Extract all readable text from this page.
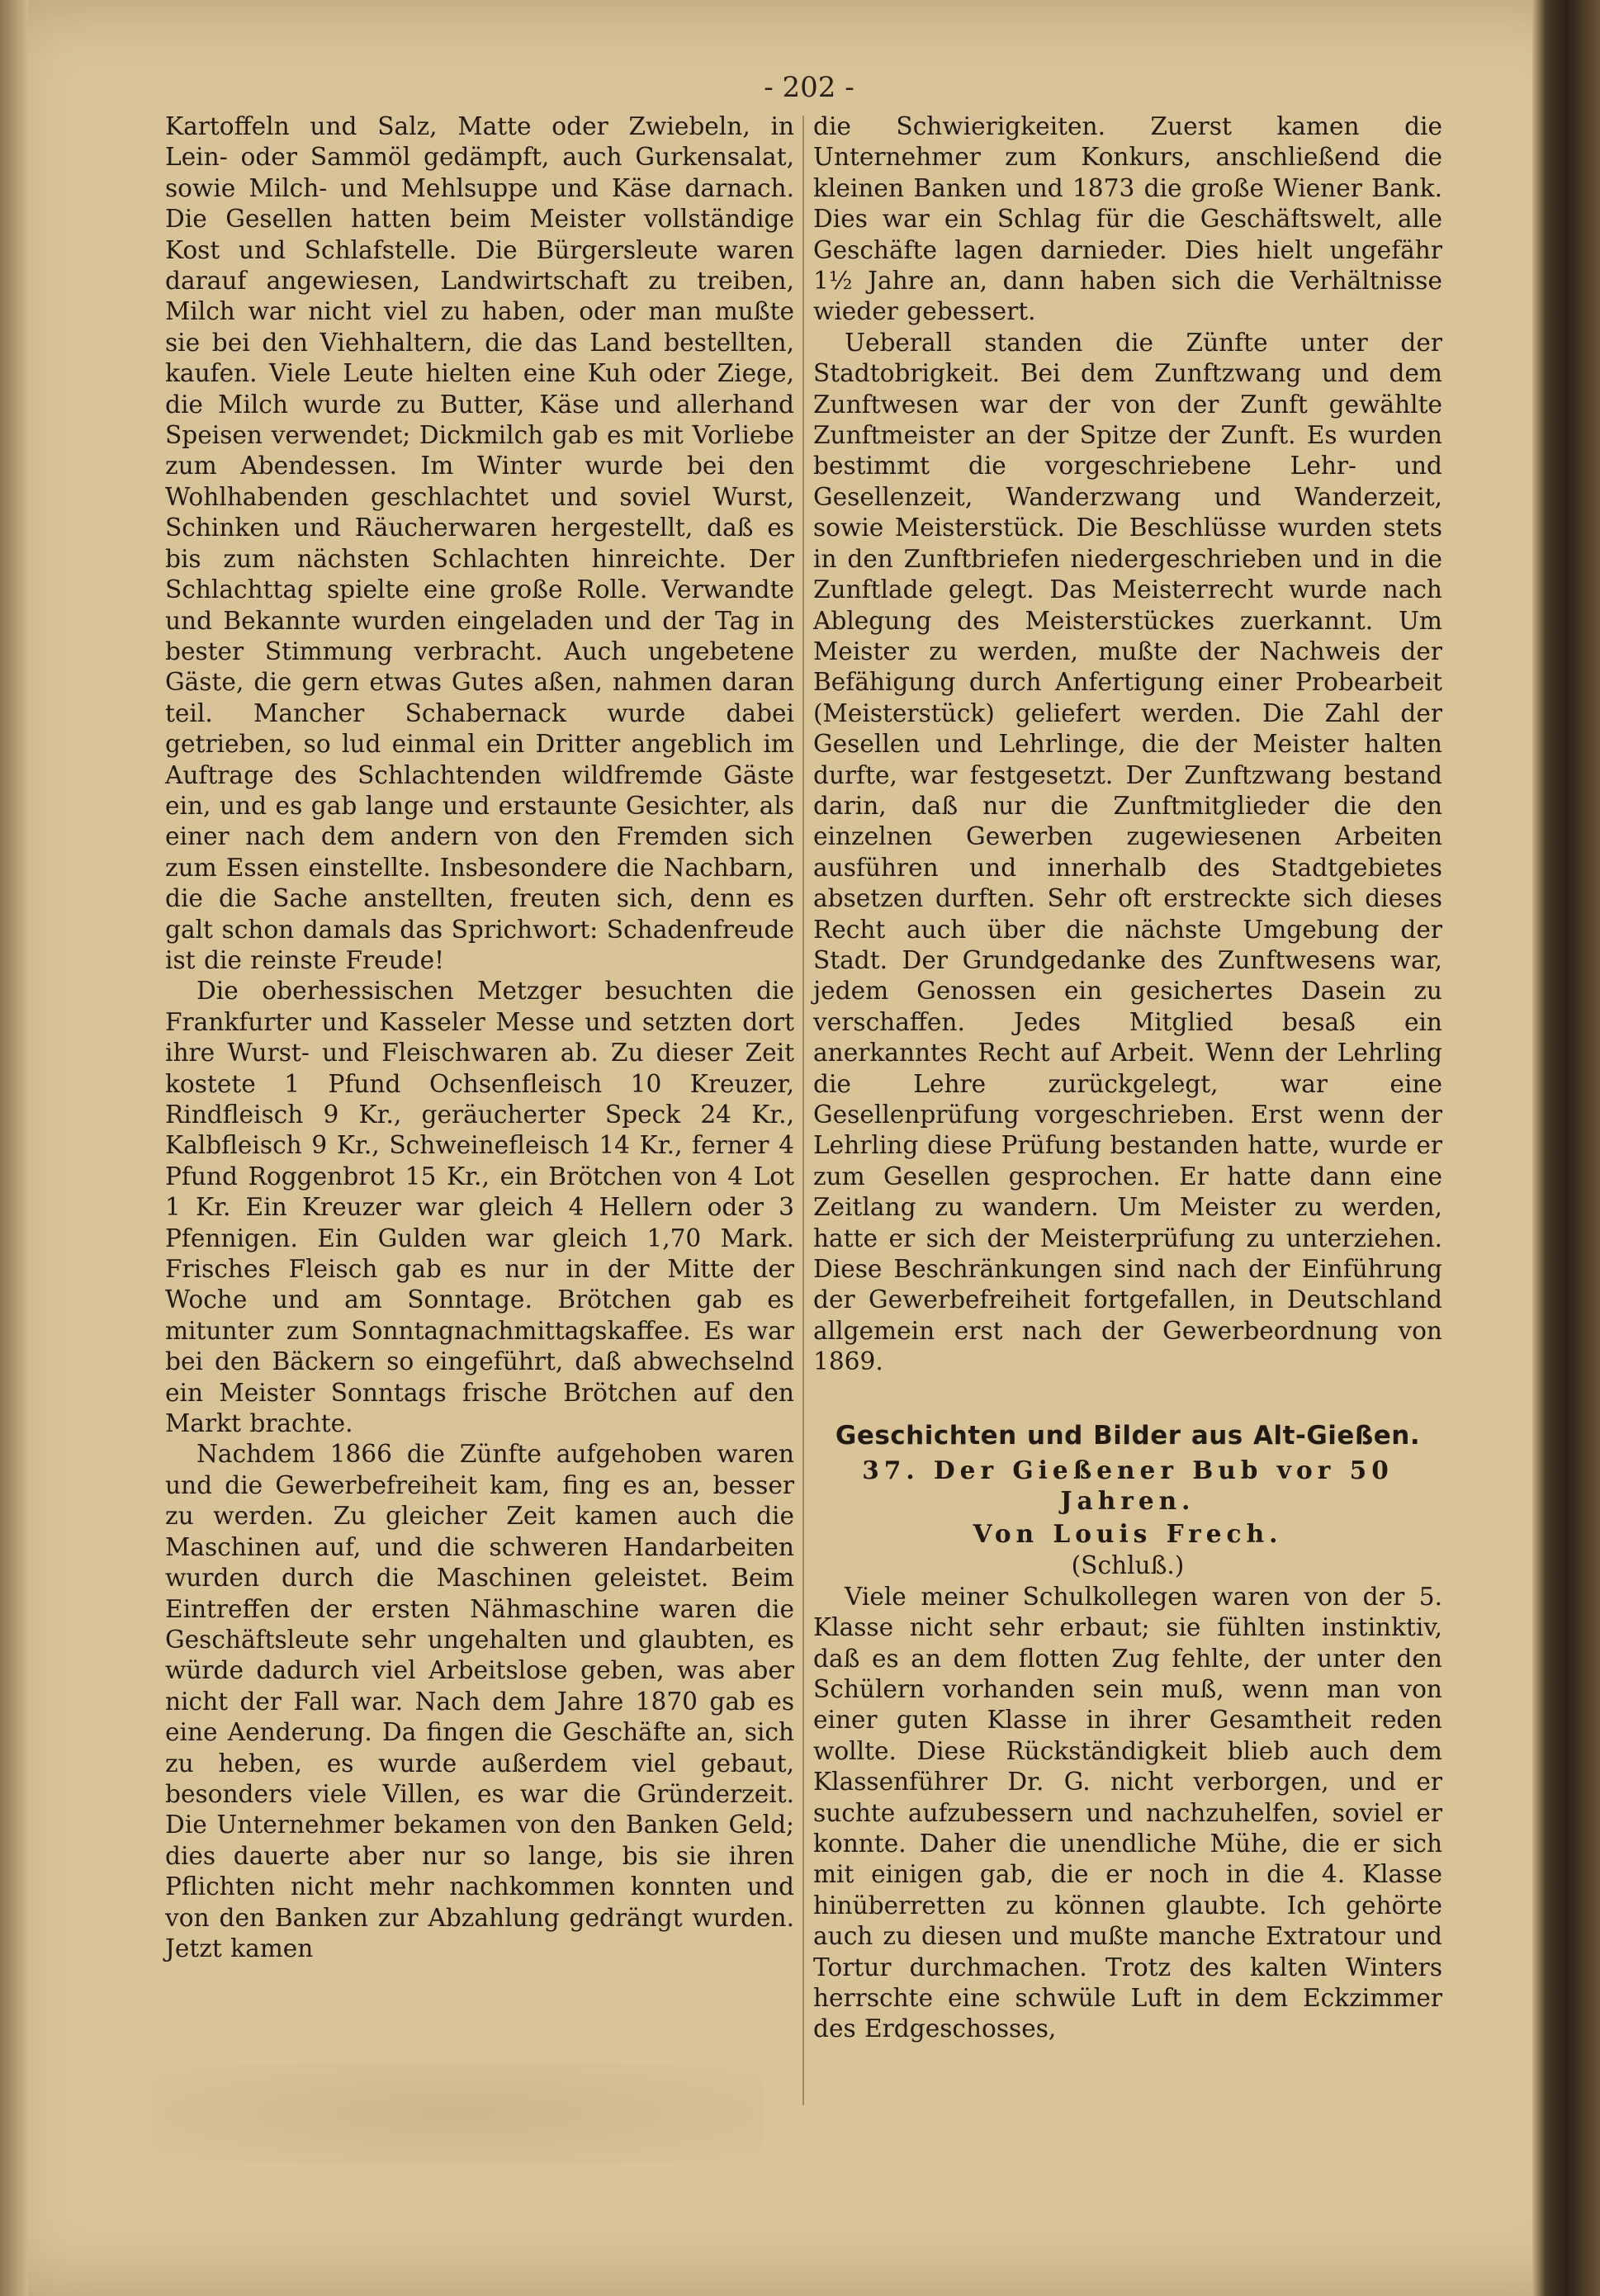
- 202 -

Kartoffeln und Salz, Matte oder Zwiebeln, in Lein- oder Sammöl gedämpft, auch Gurkensalat, sowie Milch- und Mehlsuppe und Käse darnach. Die Gesellen hatten beim Meister vollständige Kost und Schlafstelle. Die Bürgersleute waren darauf angewiesen, Landwirtschaft zu treiben, Milch war nicht viel zu haben, oder man mußte sie bei den Viehhaltern, die das Land bestellten, kaufen. Viele Leute hielten eine Kuh oder Ziege, die Milch wurde zu Butter, Käse und allerhand Speisen verwendet; Dickmilch gab es mit Vorliebe zum Abendessen. Im Winter wurde bei den Wohlhabenden geschlachtet und soviel Wurst, Schinken und Räucherwaren hergestellt, daß es bis zum nächsten Schlachten hinreichte. Der Schlachttag spielte eine große Rolle. Verwandte und Bekannte wurden eingeladen und der Tag in bester Stimmung verbracht. Auch ungebetene Gäste, die gern etwas Gutes aßen, nahmen daran teil. Mancher Schabernack wurde dabei getrieben, so lud einmal ein Dritter angeblich im Auftrage des Schlachtenden wildfremde Gäste ein, und es gab lange und erstaunte Gesichter, als einer nach dem andern von den Fremden sich zum Essen einstellte. Insbesondere die Nachbarn, die die Sache anstellten, freuten sich, denn es galt schon damals das Sprichwort: Schadenfreude ist die reinste Freude!

Die oberhessischen Metzger besuchten die Frankfurter und Kasseler Messe und setzten dort ihre Wurst- und Fleischwaren ab. Zu dieser Zeit kostete 1 Pfund Ochsenfleisch 10 Kreuzer, Rindfleisch 9 Kr., geräucherter Speck 24 Kr., Kalbfleisch 9 Kr., Schweinefleisch 14 Kr., ferner 4 Pfund Roggenbrot 15 Kr., ein Brötchen von 4 Lot 1 Kr. Ein Kreuzer war gleich 4 Hellern oder 3 Pfennigen. Ein Gulden war gleich 1,70 Mark. Frisches Fleisch gab es nur in der Mitte der Woche und am Sonntage. Brötchen gab es mitunter zum Sonntagnachmittagskaffee. Es war bei den Bäckern so eingeführt, daß abwechselnd ein Meister Sonntags frische Brötchen auf den Markt brachte.

Nachdem 1866 die Zünfte aufgehoben waren und die Gewerbefreiheit kam, fing es an, besser zu werden. Zu gleicher Zeit kamen auch die Maschinen auf, und die schweren Handarbeiten wurden durch die Maschinen geleistet. Beim Eintreffen der ersten Nähmaschine waren die Geschäftsleute sehr ungehalten und glaubten, es würde dadurch viel Arbeitslose geben, was aber nicht der Fall war. Nach dem Jahre 1870 gab es eine Aenderung. Da fingen die Geschäfte an, sich zu heben, es wurde außerdem viel gebaut, besonders viele Villen, es war die Gründerzeit. Die Unternehmer bekamen von den Banken Geld; dies dauerte aber nur so lange, bis sie ihren Pflichten nicht mehr nachkommen konnten und von den Banken zur Abzahlung gedrängt wurden. Jetzt kamen

die Schwierigkeiten. Zuerst kamen die Unternehmer zum Konkurs, anschließend die kleinen Banken und 1873 die große Wiener Bank. Dies war ein Schlag für die Geschäftswelt, alle Geschäfte lagen darnieder. Dies hielt ungefähr 1½ Jahre an, dann haben sich die Verhältnisse wieder gebessert.

Ueberall standen die Zünfte unter der Stadtobrigkeit. Bei dem Zunftzwang und dem Zunftwesen war der von der Zunft gewählte Zunftmeister an der Spitze der Zunft. Es wurden bestimmt die vorgeschriebene Lehr- und Gesellenzeit, Wanderzwang und Wanderzeit, sowie Meisterstück. Die Beschlüsse wurden stets in den Zunftbriefen niedergeschrieben und in die Zunftlade gelegt. Das Meisterrecht wurde nach Ablegung des Meisterstückes zuerkannt. Um Meister zu werden, mußte der Nachweis der Befähigung durch Anfertigung einer Probearbeit (Meisterstück) geliefert werden. Die Zahl der Gesellen und Lehrlinge, die der Meister halten durfte, war festgesetzt. Der Zunftzwang bestand darin, daß nur die Zunftmitglieder die den einzelnen Gewerben zugewiesenen Arbeiten ausführen und innerhalb des Stadtgebietes absetzen durften. Sehr oft erstreckte sich dieses Recht auch über die nächste Umgebung der Stadt. Der Grundgedanke des Zunftwesens war, jedem Genossen ein gesichertes Dasein zu verschaffen. Jedes Mitglied besaß ein anerkanntes Recht auf Arbeit. Wenn der Lehrling die Lehre zurückgelegt, war eine Gesellenprüfung vorgeschrieben. Erst wenn der Lehrling diese Prüfung bestanden hatte, wurde er zum Gesellen gesprochen. Er hatte dann eine Zeitlang zu wandern. Um Meister zu werden, hatte er sich der Meisterprüfung zu unterziehen. Diese Beschränkungen sind nach der Einführung der Gewerbefreiheit fortgefallen, in Deutschland allgemein erst nach der Gewerbeordnung von 1869.

Geschichten und Bilder aus Alt-Gießen.

37. Der Gießener Bub vor 50 Jahren.

Von Louis Frech.

(Schluß.)

Viele meiner Schulkollegen waren von der 5. Klasse nicht sehr erbaut; sie fühlten instinktiv, daß es an dem flotten Zug fehlte, der unter den Schülern vorhanden sein muß, wenn man von einer guten Klasse in ihrer Gesamtheit reden wollte. Diese Rückständigkeit blieb auch dem Klassenführer Dr. G. nicht verborgen, und er suchte aufzubessern und nachzuhelfen, soviel er konnte. Daher die unendliche Mühe, die er sich mit einigen gab, die er noch in die 4. Klasse hinüberretten zu können glaubte. Ich gehörte auch zu diesen und mußte manche Extratour und Tortur durchmachen. Trotz des kalten Winters herrschte eine schwüle Luft in dem Eckzimmer des Erdgeschosses,
